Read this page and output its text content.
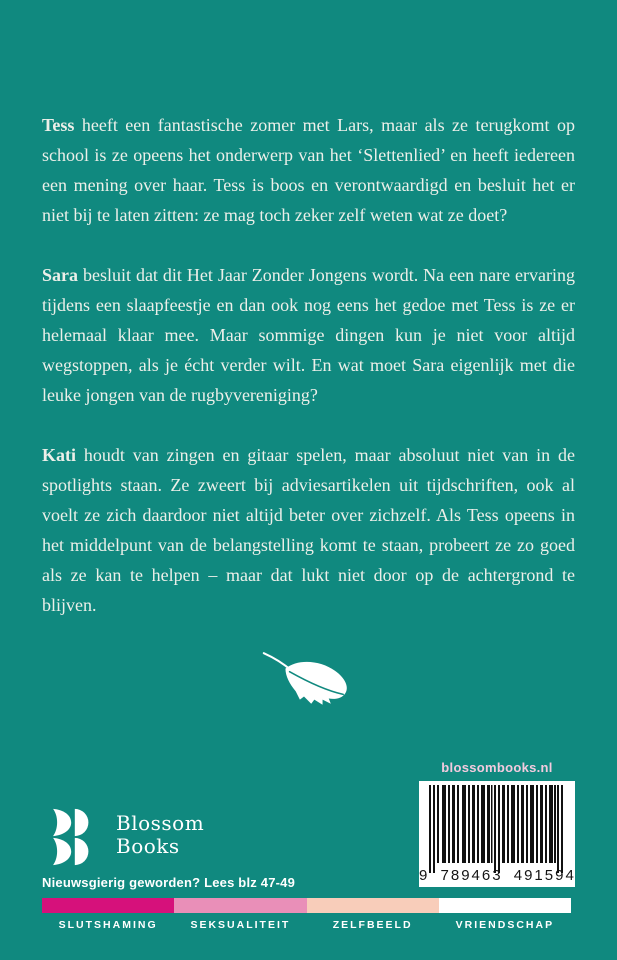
Tess heeft een fantastische zomer met Lars, maar als ze terugkomt op school is ze opeens het onderwerp van het ‘Slettenlied’ en heeft iedereen een mening over haar. Tess is boos en verontwaardigd en besluit het er niet bij te laten zitten: ze mag toch zeker zelf weten wat ze doet?

Sara besluit dat dit Het Jaar Zonder Jongens wordt. Na een nare ervaring tijdens een slaapfeestje en dan ook nog eens het gedoe met Tess is ze er helemaal klaar mee. Maar sommige dingen kun je niet voor altijd wegstoppen, als je écht verder wilt. En wat moet Sara eigenlijk met die leuke jongen van de rugbyvereniging?

Kati houdt van zingen en gitaar spelen, maar absoluut niet van in de spotlights staan. Ze zweert bij adviesartikelen uit tijdschriften, ook al voelt ze zich daardoor niet altijd beter over zichzelf. Als Tess opeens in het middelpunt van de belangstelling komt te staan, probeert ze zo goed als ze kan te helpen – maar dat lukt niet door op de achtergrond te blijven.

blossombooks.nl
9 789463 491594
Blossom
Books
Nieuwsgierig geworden? Lees blz 47-49
SLUTSHAMING	SEKSUALITEIT	ZELFBEELD	VRIENDSCHAP
